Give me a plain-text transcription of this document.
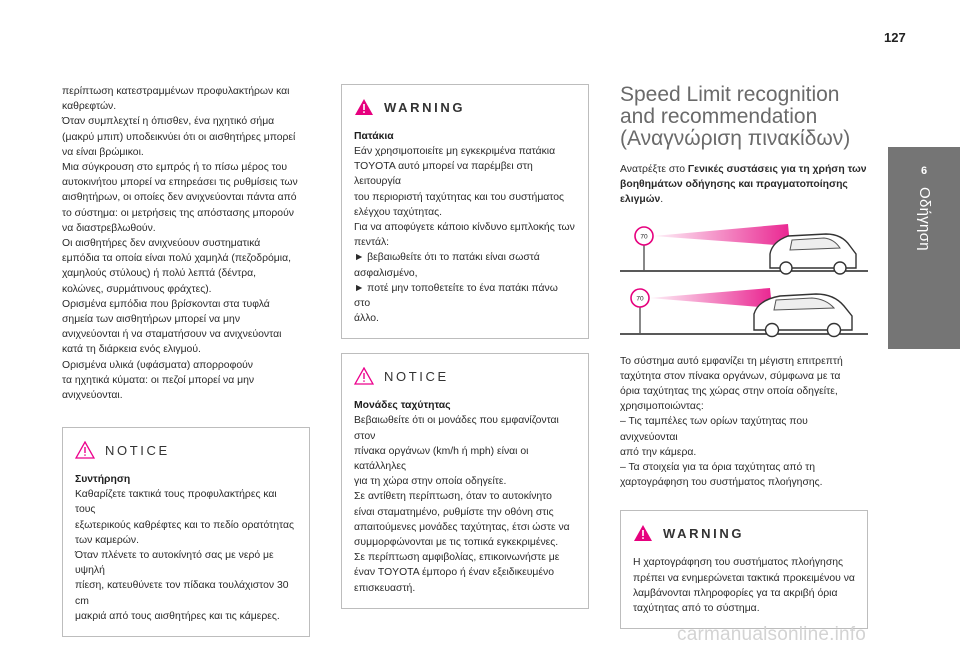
127
6
Οδήγηση
περίπτωση κατεστραμμένων προφυλακτήρων και
καθρεφτών.
Όταν συμπλεχτεί η όπισθεν, ένα ηχητικό σήμα
(μακρύ μπιπ) υποδεικνύει ότι οι αισθητήρες μπορεί
να είναι βρώμικοι.
Μια σύγκρουση στο εμπρός ή το πίσω μέρος του
αυτοκινήτου μπορεί να επηρεάσει τις ρυθμίσεις των
αισθητήρων, οι οποίες δεν ανιχνεύονται πάντα από
το σύστημα: οι μετρήσεις της απόστασης μπορούν
να διαστρεβλωθούν.
Οι αισθητήρες δεν ανιχνεύουν συστηματικά
εμπόδια τα οποία είναι πολύ χαμηλά (πεζοδρόμια,
χαμηλούς στύλους) ή πολύ λεπτά (δέντρα,
κολώνες, συρμάτινους φράχτες).
Ορισμένα εμπόδια που βρίσκονται στα τυφλά
σημεία των αισθητήρων μπορεί να μην
ανιχνεύονται ή να σταματήσουν να ανιχνεύονται
κατά τη διάρκεια ενός ελιγμού.
Ορισμένα υλικά (υφάσματα) απορροφούν
τα ηχητικά κύματα: οι πεζοί μπορεί να μην
ανιχνεύονται.
NOTICE
Συντήρηση
Καθαρίζετε τακτικά τους προφυλακτήρες και τους
εξωτερικούς καθρέφτες και το πεδίο ορατότητας
των καμερών.
Όταν πλένετε το αυτοκίνητό σας με νερό με υψηλή
πίεση, κατευθύνετε τον πίδακα τουλάχιστον 30 cm
μακριά από τους αισθητήρες και τις κάμερες.
WARNING
Πατάκια
Εάν χρησιμοποιείτε μη εγκεκριμένα πατάκια
TOYOTA αυτό μπορεί να παρέμβει στη λειτουργία
του περιοριστή ταχύτητας και του συστήματος
ελέγχου ταχύτητας.
Για να αποφύγετε κάποιο κίνδυνο εμπλοκής των
πεντάλ:
► βεβαιωθείτε ότι το πατάκι είναι σωστά
ασφαλισμένο,
► ποτέ μην τοποθετείτε το ένα πατάκι πάνω στο
άλλο.
NOTICE
Μονάδες ταχύτητας
Βεβαιωθείτε ότι οι μονάδες που εμφανίζονται στον
πίνακα οργάνων (km/h ή mph) είναι οι κατάλληλες
για τη χώρα στην οποία οδηγείτε.
Σε αντίθετη περίπτωση, όταν το αυτοκίνητο
είναι σταματημένο, ρυθμίστε την οθόνη στις
απαιτούμενες μονάδες ταχύτητας, έτσι ώστε να
συμμορφώνονται με τις τοπικά εγκεκριμένες.
Σε περίπτωση αμφιβολίας, επικοινωνήστε με
έναν TOYOTA έμπορο ή έναν εξειδικευμένο
επισκευαστή.
Speed Limit recognition
and recommendation
(Αναγνώριση πινακίδων)
Ανατρέξτε στο Γενικές συστάσεις για τη χρήση των
βοηθημάτων οδήγησης και πραγματοποίησης
ελιγμών.
70
70
Το σύστημα αυτό εμφανίζει τη μέγιστη επιτρεπτή
ταχύτητα στον πίνακα οργάνων, σύμφωνα με τα
όρια ταχύτητας της χώρας στην οποία οδηγείτε,
χρησιμοποιώντας:
– Τις ταμπέλες των ορίων ταχύτητας που ανιχνεύονται
από την κάμερα.
– Τα στοιχεία για τα όρια ταχύτητας από τη
χαρτογράφηση του συστήματος πλοήγησης.
WARNING
Η χαρτογράφηση του συστήματος πλοήγησης
πρέπει να ενημερώνεται τακτικά προκειμένου να
λαμβάνονται πληροφορίες γα τα ακριβή όρια
ταχύτητας από το σύστημα.
carmanualsonline.info
